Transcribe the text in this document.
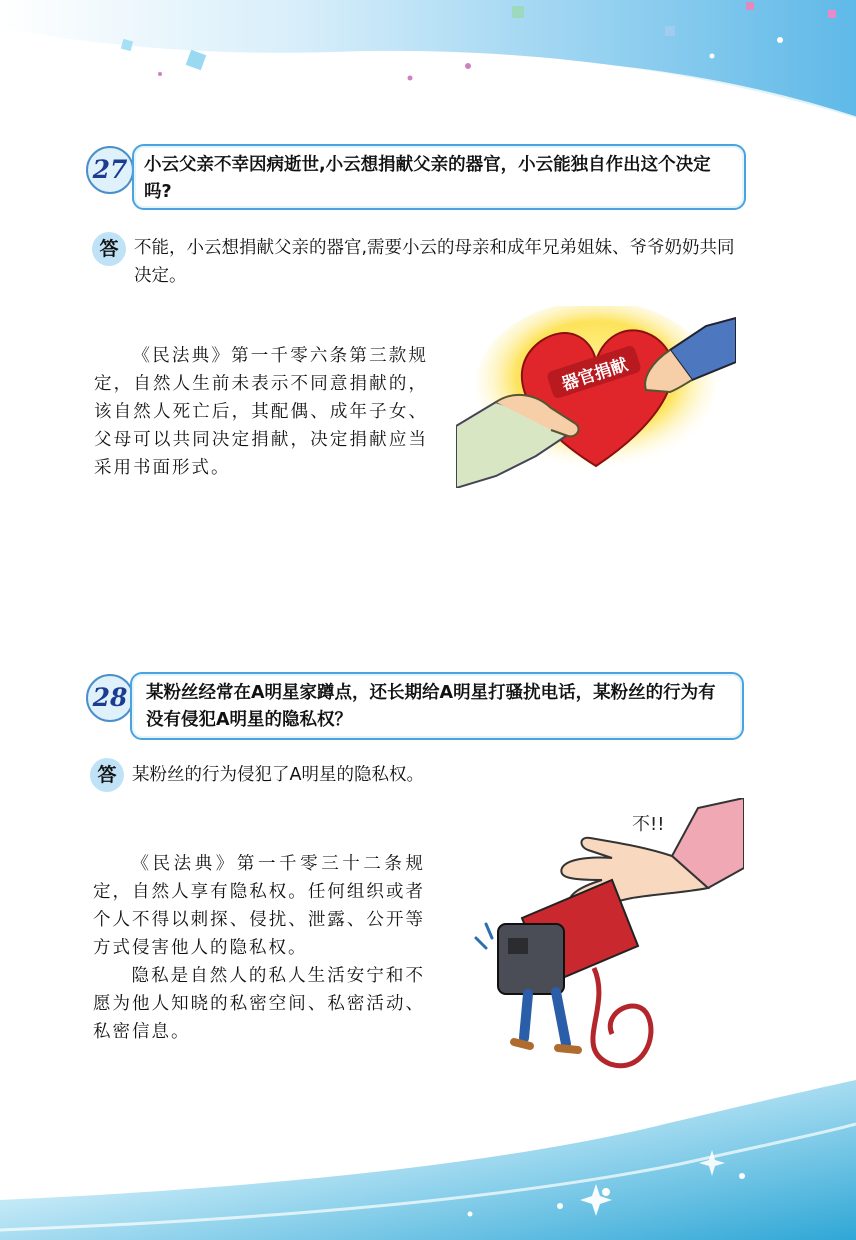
27 小云父亲不幸因病逝世,小云想捐献父亲的器官，小云能独自作出这个决定吗?
答 不能，小云想捐献父亲的器官,需要小云的母亲和成年兄弟姐妹、爷爷奶奶共同决定。

《民法典》第一千零六条第三款规定，自然人生前未表示不同意捐献的，该自然人死亡后，其配偶、成年子女、父母可以共同决定捐献，决定捐献应当采用书面形式。

器官捐献
28	某粉丝经常在A明星家蹲点，还长期给A明星打骚扰电话，某粉丝的行为有没有侵犯A明星的隐私权？
答 某粉丝的行为侵犯了A明星的隐私权。

《民法典》第一千零三十二条规定，自然人享有隐私权。任何组织或者个人不得以刺探、侵扰、泄露、公开等方式侵害他人的隐私权。

隐私是自然人的私人生活安宁和不愿为他人知晓的私密空间、私密活动、私密信息。

不!!
